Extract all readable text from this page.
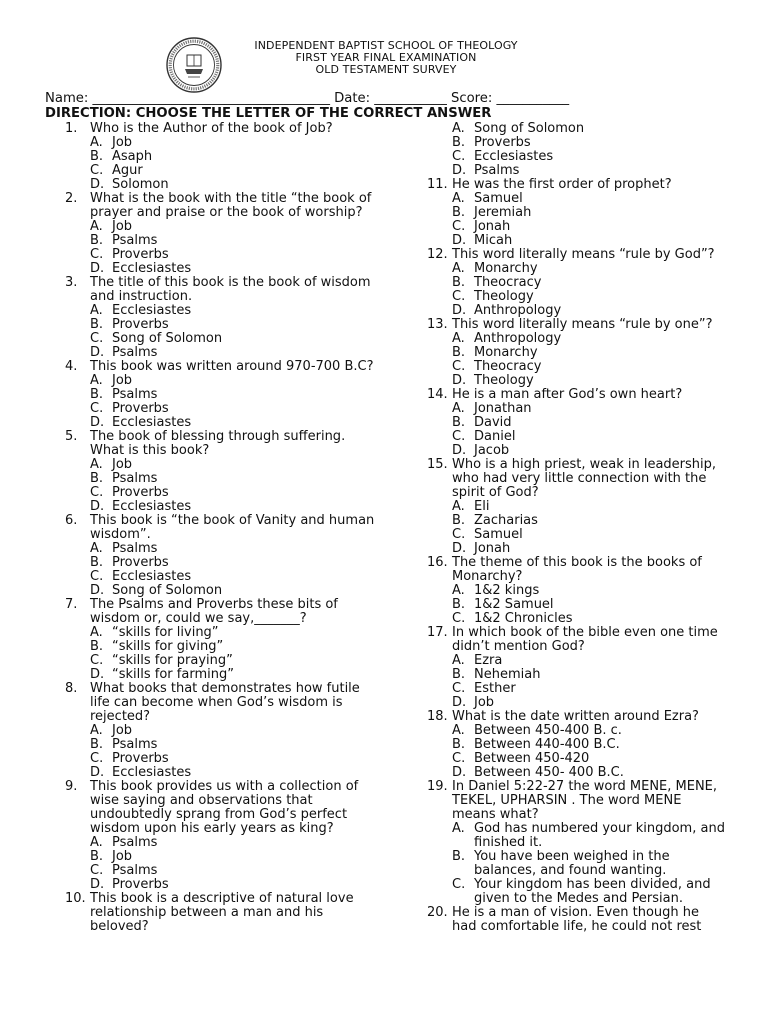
INDEPENDENT BAPTIST SCHOOL OF THEOLOGY
FIRST YEAR FINAL EXAMINATION
OLD TESTAMENT SURVEY
Name: ____________________________________ Date: ___________ Score: ___________
DIRECTION: CHOOSE THE LETTER OF THE CORRECT ANSWER
1. Who is the Author of the book of Job?
A. Job
B. Asaph
C. Agur
D. Solomon
2. What is the book with the title “the book of prayer and praise or the book of worship?
A. Job
B. Psalms
C. Proverbs
D. Ecclesiastes
3. The title of this book is the book of wisdom and instruction.
A. Ecclesiastes
B. Proverbs
C. Song of Solomon
D. Psalms
4. This book was written around 970-700 B.C?
A. Job
B. Psalms
C. Proverbs
D. Ecclesiastes
5. The book of blessing through suffering. What is this book?
A. Job
B. Psalms
C. Proverbs
D. Ecclesiastes
6. This book is “the book of Vanity and human wisdom”.
A. Psalms
B. Proverbs
C. Ecclesiastes
D. Song of Solomon
7. The Psalms and Proverbs these bits of wisdom or, could we say,_______?
A. “skills for living”
B. “skills for giving”
C. “skills for praying”
D. “skills for farming”
8. What books that demonstrates how futile life can become when God’s wisdom is rejected?
A. Job
B. Psalms
C. Proverbs
D. Ecclesiastes
9. This book provides us with a collection of wise saying and observations that undoubtedly sprang from God’s perfect wisdom upon his early years as king?
A. Psalms
B. Job
C. Psalms
D. Proverbs
10. This book is a descriptive of natural love relationship between a man and his beloved?
A. Song of Solomon
B. Proverbs
C. Ecclesiastes
D. Psalms
11. He was the first order of prophet?
A. Samuel
B. Jeremiah
C. Jonah
D. Micah
12. This word literally means “rule by God”?
A. Monarchy
B. Theocracy
C. Theology
D. Anthropology
13. This word literally means “rule by one”?
A. Anthropology
B. Monarchy
C. Theocracy
D. Theology
14. He is a man after God’s own heart?
A. Jonathan
B. David
C. Daniel
D. Jacob
15. Who is a high priest, weak in leadership, who had very little connection with the spirit of God?
A. Eli
B. Zacharias
C. Samuel
D. Jonah
16. The theme of this book is the books of Monarchy?
A. 1&2 kings
B. 1&2 Samuel
C. 1&2 Chronicles
17. In which book of the bible even one time didn’t mention God?
A. Ezra
B. Nehemiah
C. Esther
D. Job
18. What is the date written around Ezra?
A. Between 450-400 B. c.
B. Between 440-400 B.C.
C. Between 450-420
D. Between 450- 400 B.C.
19. In Daniel 5:22-27 the word MENE, MENE, TEKEL, UPHARSIN . The word MENE means what?
A. God has numbered your kingdom, and finished it.
B. You have been weighed in the balances, and found wanting.
C. Your kingdom has been divided, and given to the Medes and Persian.
20. He is a man of vision. Even though he had comfortable life, he could not rest
